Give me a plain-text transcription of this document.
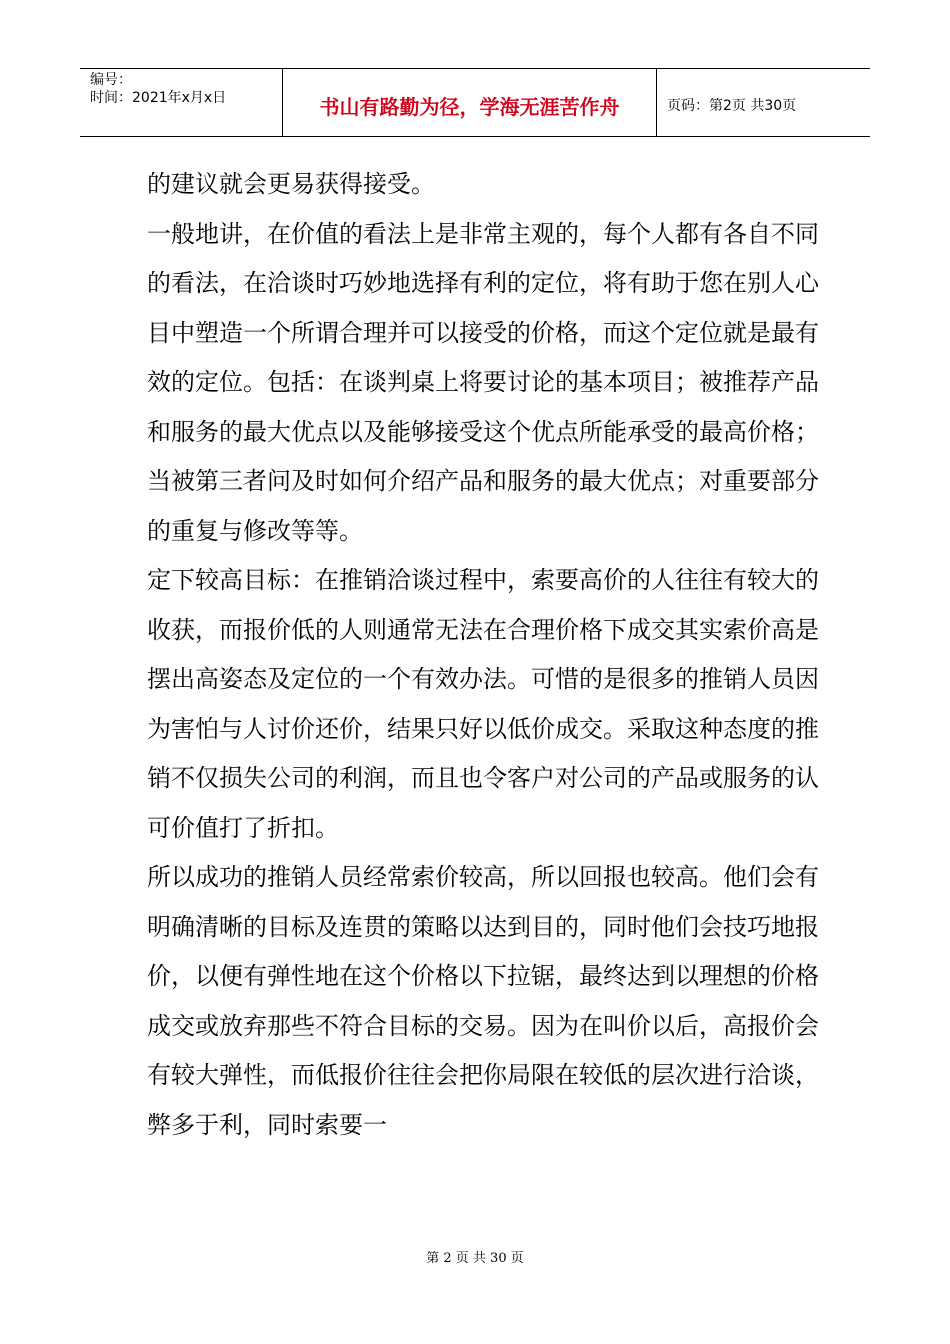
编号：
时间：2021年x月x日	书山有路勤为径，学海无涯苦作舟	页码：第2页 共30页

的建议就会更易获得接受。

一般地讲，在价值的看法上是非常主观的，每个人都有各自不同的看法，在洽谈时巧妙地选择有利的定位，将有助于您在别人心目中塑造一个所谓合理并可以接受的价格，而这个定位就是最有效的定位。包括：在谈判桌上将要讨论的基本项目；被推荐产品和服务的最大优点以及能够接受这个优点所能承受的最高价格；当被第三者问及时如何介绍产品和服务的最大优点；对重要部分的重复与修改等等。

定下较高目标：在推销洽谈过程中，索要高价的人往往有较大的收获，而报价低的人则通常无法在合理价格下成交其实索价高是摆出高姿态及定位的一个有效办法。可惜的是很多的推销人员因为害怕与人讨价还价，结果只好以低价成交。采取这种态度的推销不仅损失公司的利润，而且也令客户对公司的产品或服务的认可价值打了折扣。

所以成功的推销人员经常索价较高，所以回报也较高。他们会有明确清晰的目标及连贯的策略以达到目的，同时他们会技巧地报价，以便有弹性地在这个价格以下拉锯，最终达到以理想的价格成交或放弃那些不符合目标的交易。因为在叫价以后，高报价会有较大弹性，而低报价往往会把你局限在较低的层次进行洽谈，弊多于利，同时索要一

第 2 页 共 30 页
